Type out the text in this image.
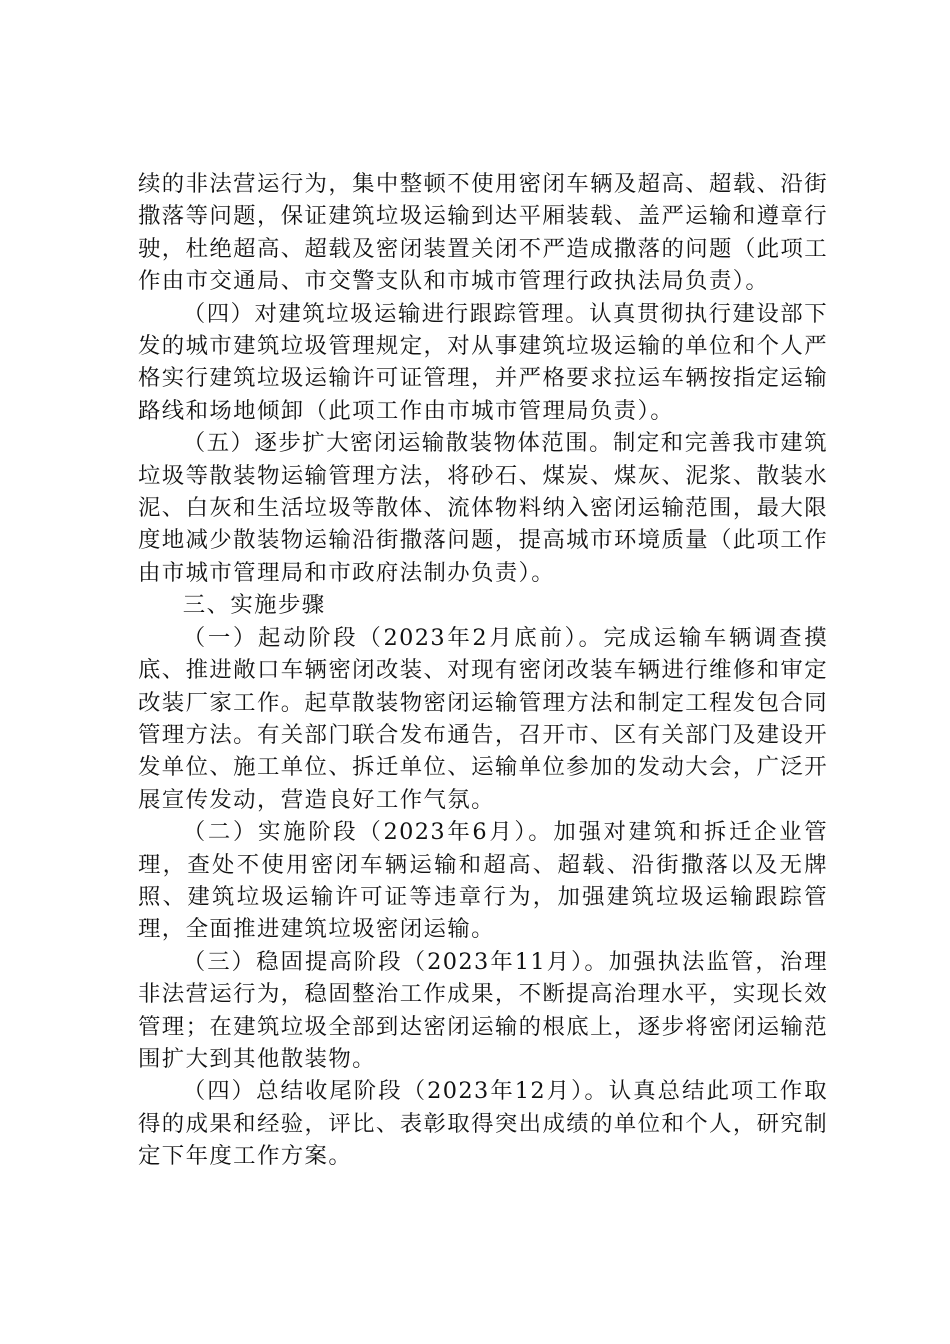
续的非法营运行为，集中整顿不使用密闭车辆及超高、超载、沿街撒落等问题，保证建筑垃圾运输到达平厢装载、盖严运输和遵章行驶，杜绝超高、超载及密闭装置关闭不严造成撒落的问题（此项工作由市交通局、市交警支队和市城市管理行政执法局负责）。

（四）对建筑垃圾运输进行跟踪管理。认真贯彻执行建设部下发的城市建筑垃圾管理规定，对从事建筑垃圾运输的单位和个人严格实行建筑垃圾运输许可证管理，并严格要求拉运车辆按指定运输路线和场地倾卸（此项工作由市城市管理局负责）。

（五）逐步扩大密闭运输散装物体范围。制定和完善我市建筑垃圾等散装物运输管理方法，将砂石、煤炭、煤灰、泥浆、散装水泥、白灰和生活垃圾等散体、流体物料纳入密闭运输范围，最大限度地减少散装物运输沿街撒落问题，提高城市环境质量（此项工作由市城市管理局和市政府法制办负责）。

三、实施步骤

（一）起动阶段（2023年2月底前）。完成运输车辆调查摸底、推进敞口车辆密闭改装、对现有密闭改装车辆进行维修和审定改装厂家工作。起草散装物密闭运输管理方法和制定工程发包合同管理方法。有关部门联合发布通告，召开市、区有关部门及建设开发单位、施工单位、拆迁单位、运输单位参加的发动大会，广泛开展宣传发动，营造良好工作气氛。

（二）实施阶段（2023年6月）。加强对建筑和拆迁企业管理，查处不使用密闭车辆运输和超高、超载、沿街撒落以及无牌照、建筑垃圾运输许可证等违章行为，加强建筑垃圾运输跟踪管理，全面推进建筑垃圾密闭运输。

（三）稳固提高阶段（2023年11月）。加强执法监管，治理非法营运行为，稳固整治工作成果，不断提高治理水平，实现长效管理；在建筑垃圾全部到达密闭运输的根底上，逐步将密闭运输范围扩大到其他散装物。

（四）总结收尾阶段（2023年12月）。认真总结此项工作取得的成果和经验，评比、表彰取得突出成绩的单位和个人，研究制定下年度工作方案。
